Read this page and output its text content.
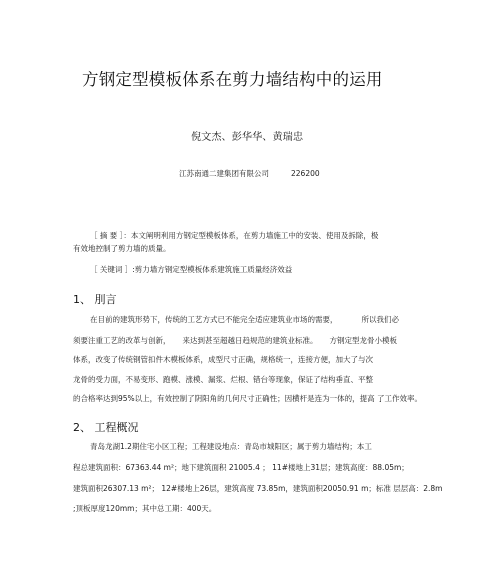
方钢定型模板体系在剪力墙结构中的运用
倪文杰、彭华华、黄瑞忠
江苏南通二建集团有限公司	226200
［ 摘 要 ］：本文阐明利用方钢定型模板体系，在剪力墙施工中的安装、使用及拆除，极
有效地控制了剪力墙的质量。
［ 关键词 ］:剪力墙方钢定型模板体系建筑施工质量经济效益
1、 刖言
在目前的建筑形势下，传统的工艺方式已不能完全适应建筑业市场的需要，	所以我们必
须要注重工艺的改革与创新， 来达到甚至超越日趋规范的建筑业标准。 方钢定型龙骨小模板
体系，改变了传统钢管扣件木模板体系，成型尺寸正确，规格统一，连接方便，加大了与次
龙骨的受力面，不易变形、跑模、涨模、漏浆、烂根、错台等现象，保证了结构垂直、平整
的合格率达到95%以上，有效控制了阴阳角的几何尺寸正确性；因横杆是连为一体的，提高 了工作效率。
2、 工程概况
青岛龙湖1.2期住宅小区工程；工程建设地点：青岛市城阳区；属于剪力墙结构；本工
程总建筑面积：67363.44 m²；地下建筑面积 21005.4 ； 11#楼地上31层；建筑高度：88.05m；
建筑面积26307.13 m²； 12#楼地上26层，建筑高度 73.85m，建筑面积20050.91 m；标准 层层高：2.8m
;顶板厚度120mm；其中总工期：400天。
